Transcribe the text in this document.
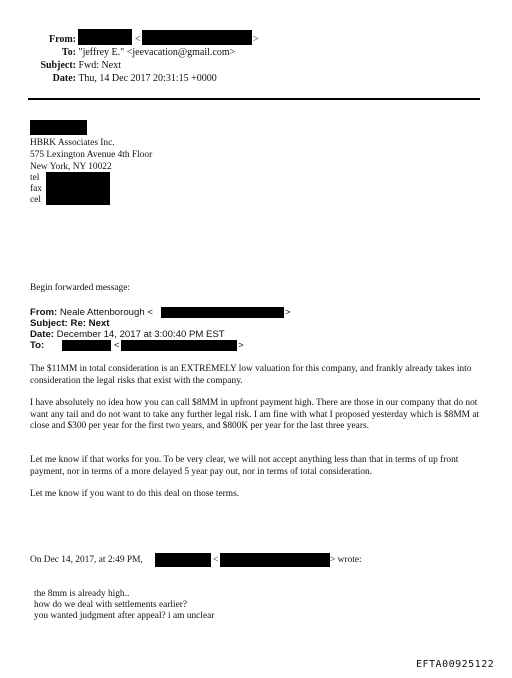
From:	<	>
To: "jeffrey E." <jeevacation@gmail.com>
Subject: Fwd: Next
Date: Thu, 14 Dec 2017 20:31:15 +0000
HBRK Associates Inc.
575 Lexington Avenue 4th Floor
New York, NY 10022
tel
fax
cel
Begin forwarded message:
From: Neale Attenborough <	>
Subject: Re: Next
Date: December 14, 2017 at 3:00:40 PM EST
To:	<	>
The $11MM in total consideration is an EXTREMELY low valuation for this company, and frankly already takes into consideration the legal risks that exist with the company.
I have absolutely no idea how you can call $8MM in upfront payment high. There are those in our company that do not want any tail and do not want to take any further legal risk. I am fine with what I proposed yesterday which is $8MM at close and $300 per year for the first two years, and $800K per year for the last three years.
Let me know if that works for you. To be very clear, we will not accept anything less than that in terms of up front payment, nor in terms of a more delayed 5 year pay out, nor in terms of total consideration.
Let me know if you want to do this deal on those terms.
On Dec 14, 2017, at 2:49 PM,	<	> wrote:
the 8mm is already high..
how do we deal with settlements earlier?
you wanted judgment after appeal? i am unclear
EFTA00925122
